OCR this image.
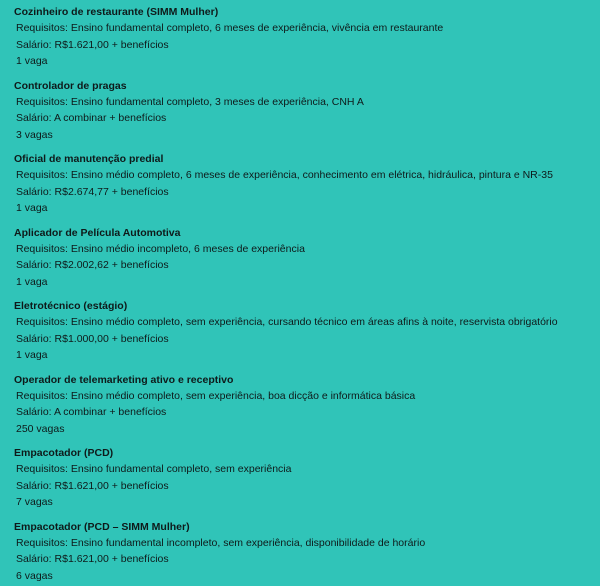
Cozinheiro de restaurante (SIMM Mulher)
Requisitos: Ensino fundamental completo, 6 meses de experiência, vivência em restaurante
Salário: R$1.621,00 + benefícios
1 vaga
Controlador de pragas
Requisitos: Ensino fundamental completo, 3 meses de experiência, CNH A
Salário: A combinar + benefícios
3 vagas
Oficial de manutenção predial
Requisitos: Ensino médio completo, 6 meses de experiência, conhecimento em elétrica, hidráulica, pintura e NR-35
Salário: R$2.674,77 + benefícios
1 vaga
Aplicador de Película Automotiva
Requisitos: Ensino médio incompleto, 6 meses de experiência
Salário: R$2.002,62 + benefícios
1 vaga
Eletrotécnico (estágio)
Requisitos: Ensino médio completo, sem experiência, cursando técnico em áreas afins à noite, reservista obrigatório
Salário: R$1.000,00 + benefícios
1 vaga
Operador de telemarketing ativo e receptivo
Requisitos: Ensino médio completo, sem experiência, boa dicção e informática básica
Salário: A combinar + benefícios
250 vagas
Empacotador (PCD)
Requisitos: Ensino fundamental completo, sem experiência
Salário: R$1.621,00 + benefícios
7 vagas
Empacotador (PCD – SIMM Mulher)
Requisitos: Ensino fundamental incompleto, sem experiência, disponibilidade de horário
Salário: R$1.621,00 + benefícios
6 vagas
